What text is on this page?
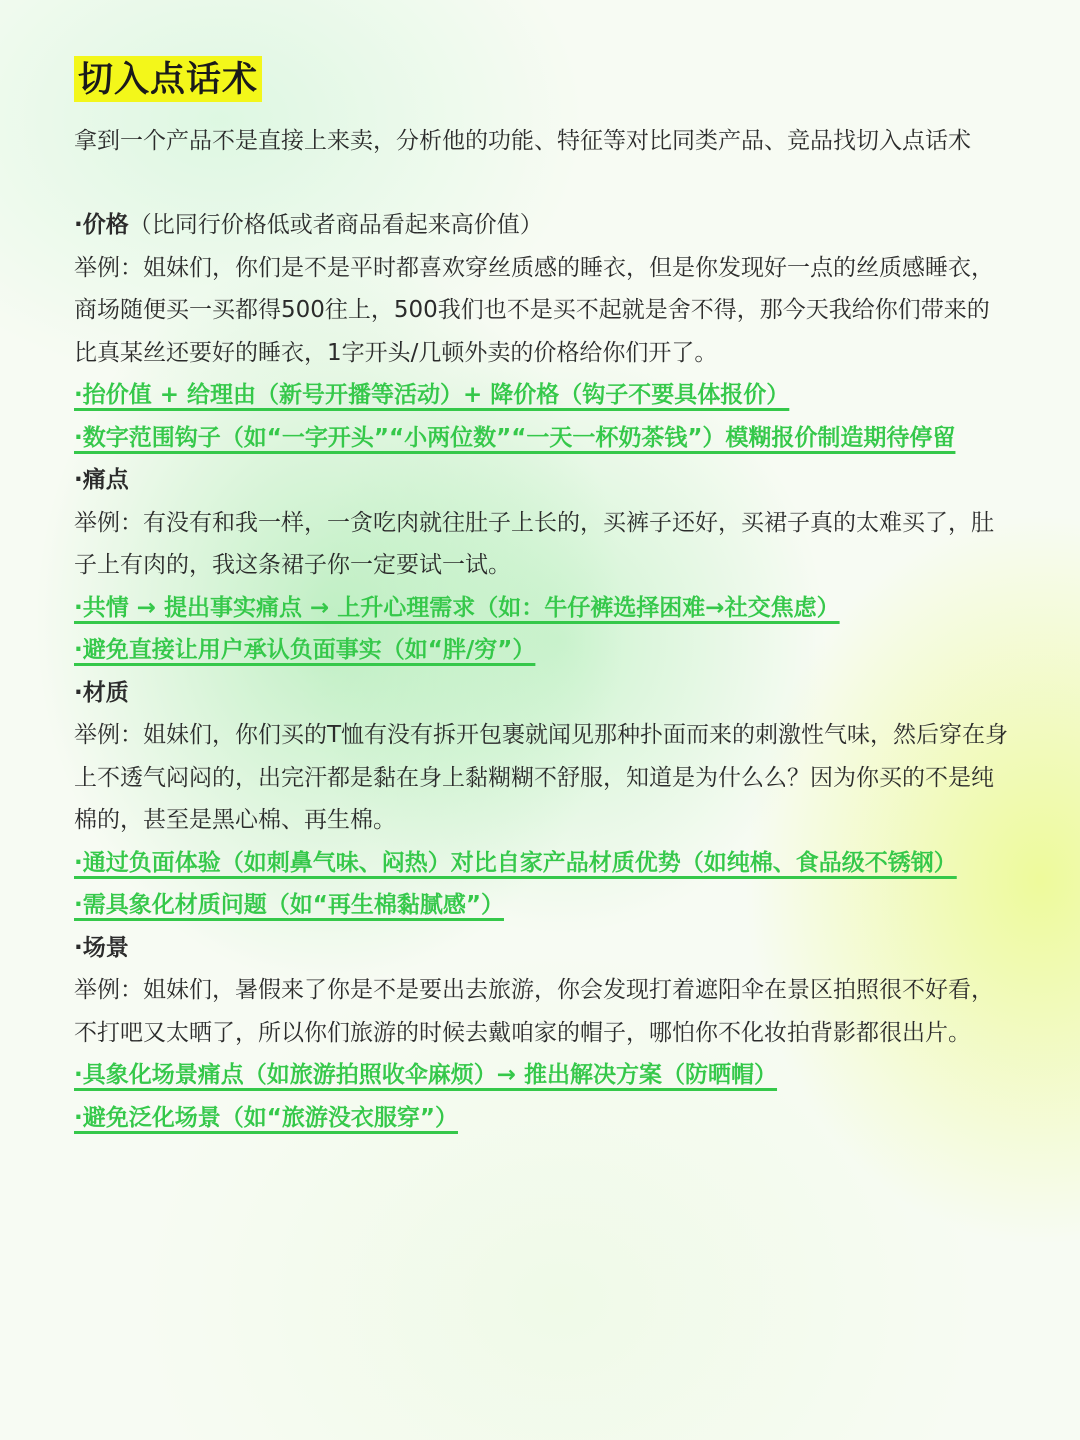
切入点话术
拿到一个产品不是直接上来卖，分析他的功能、特征等对比同类产品、竞品找切入点话术
·价格（比同行价格低或者商品看起来高价值）
举例：姐妹们，你们是不是平时都喜欢穿丝质感的睡衣，但是你发现好一点的丝质感睡衣，商场随便买一买都得500往上，500我们也不是买不起就是舍不得，那今天我给你们带来的比真某丝还要好的睡衣，1字开头/几顿外卖的价格给你们开了。
·抬价值 + 给理由（新号开播等活动）+ 降价格（钩子不要具体报价）
·数字范围钩子（如“一字开头”“小两位数”“一天一杯奶茶钱”）模糊报价制造期待停留
·痛点
举例：有没有和我一样，一贪吃肉就往肚子上长的，买裤子还好，买裙子真的太难买了，肚子上有肉的，我这条裙子你一定要试一试。
·共情 → 提出事实痛点 → 上升心理需求（如：牛仔裤选择困难→社交焦虑）
·避免直接让用户承认负面事实（如“胖/穷”）
·材质
举例：姐妹们，你们买的T恤有没有拆开包裹就闻见那种扑面而来的刺激性气味，然后穿在身上不透气闷闷的，出完汗都是黏在身上黏糊糊不舒服，知道是为什么么？因为你买的不是纯棉的，甚至是黑心棉、再生棉。
·通过负面体验（如刺鼻气味、闷热）对比自家产品材质优势（如纯棉、食品级不锈钢）
·需具象化材质问题（如“再生棉黏腻感”）
·场景
举例：姐妹们，暑假来了你是不是要出去旅游，你会发现打着遮阳伞在景区拍照很不好看，不打吧又太晒了，所以你们旅游的时候去戴咱家的帽子，哪怕你不化妆拍背影都很出片。
·具象化场景痛点（如旅游拍照收伞麻烦）→ 推出解决方案（防晒帽）
·避免泛化场景（如“旅游没衣服穿”）
